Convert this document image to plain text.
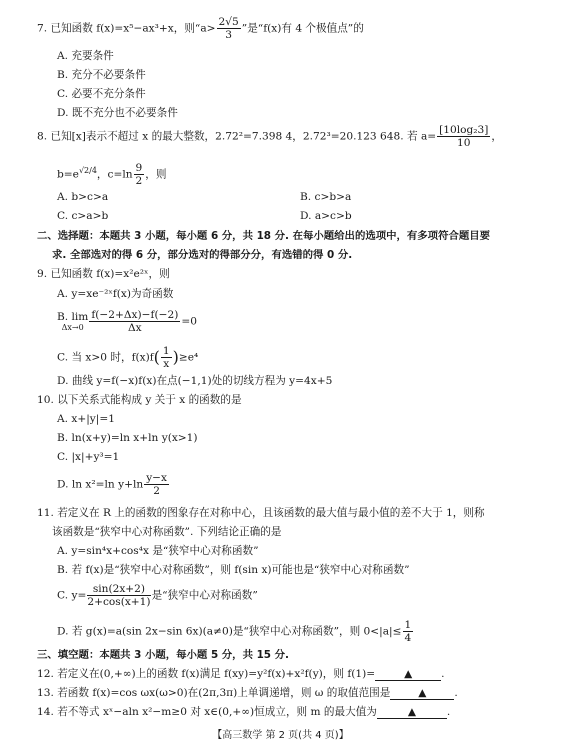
7. 已知函数 f(x)=x⁵−ax³+x，则“$a> \frac{2√5}{3}$ ”是“f(x)有 4 个极值点”的
A. 充要条件
B. 充分不必要条件
C. 必要不充分条件
D. 既不充分也不必要条件
8. 已知[x]表示不超过 x 的最大整数，2.72²=7.398 4，2.72³=20.123 648. 若 $a= \frac{\text{[10log₂3]}}{10}$ ，
$b=e^{√2/4}$，$c=\ln \frac{9}{2}$ ，则
A. b>c>a	B. c>b>a
C. c>a>b	D. a>c>b
二、选择题：本题共 3 小题，每小题 6 分，共 18 分. 在每小题给出的选项中，有多项符合题目要
求. 全部选对的得 6 分，部分选对的得部分分，有选错的得 0 分.
9. 已知函数 f(x)=x²e²ˣ，则
A. y=xe⁻²ˣf(x)为奇函数
B. lim
$\Delta x\to 0 \frac{f(-2+\Delta x)-f(-2)}{\Delta x} =0$
C. 当 x>0 时，$f(x)f( \frac{1}{x} )\ge e^4$
D. 曲线 y=f(−x)f(x)在点(−1,1)处的切线方程为 y=4x+5
10. 以下关系式能构成 y 关于 x 的函数的是
A. x+|y|=1
B. ln(x+y)=ln x+ln y(x>1)
C. |x|+y³=1
D. ln x²=ln $y+\ln \frac{y-x}{2}$
11. 若定义在 R 上的函数的图象存在对称中心，且该函数的最大值与最小值的差不大于 1，则称
该函数是“狭窄中心对称函数”. 下列结论正确的是
A. y=sin⁴x+cos⁴x 是“狭窄中心对称函数”
B. 若 f(x)是“狭窄中心对称函数”，则 f(sin x)可能也是“狭窄中心对称函数”
C. $y= \frac{\sin(2x+2)}{2+\cos(x+1)}$ 是“狭窄中心对称函数”
D. 若 g(x)=a(sin 2x−sin 6x)(a≠0)是“狭窄中心对称函数”，则 $0<|a|\le \frac{1}{4}$
三、填空题：本题共 3 小题，每小题 5 分，共 15 分.
12. 若定义在(0,+∞)上的函数 f(x)满足 f(xy)=y²f(x)+x²f(y)，则 f(1)=	▲	.
13. 若函数 f(x)=cos ωx(ω>0)在(2π,3π)上单调递增，则 ω 的取值范围是	▲	.
14. 若不等式 xˣ−aln x²−m≥0 对 x∈(0,+∞)恒成立，则 m 的最大值为	▲	.
【高三数学 第 2 页(共 4 页)】
